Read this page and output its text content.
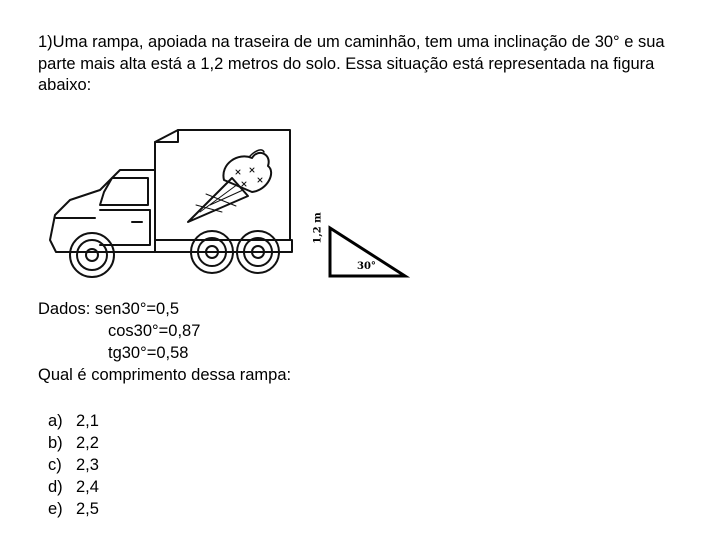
1)Uma rampa, apoiada na traseira de um caminhão, tem uma inclinação de 30° e sua parte mais alta está a 1,2 metros do solo. Essa situação está representada na figura abaixo:

1,2 m
30°
Dados: sen30°=0,5
cos30°=0,87
tg30°=0,58
Qual é comprimento dessa rampa:
a) 2,1
b) 2,2
c) 2,3
d) 2,4
e) 2,5
